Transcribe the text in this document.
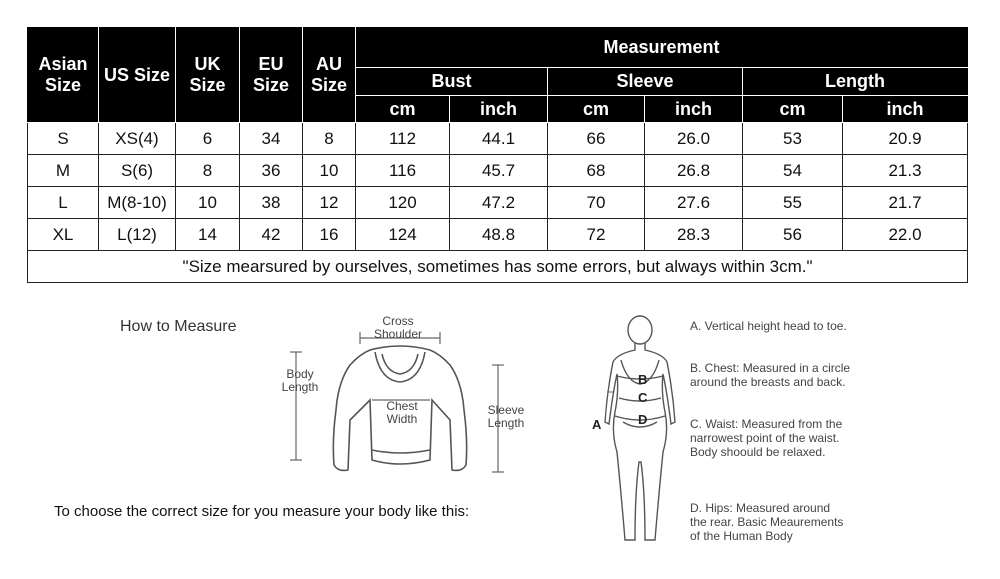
Asian Size	US Size	UK Size	EU Size	AU Size	Measurement					
					Bust		Sleeve		Length	
					cm	inch	cm	inch	cm	inch
S	XS(4)	6	34	8	112	44.1	66	26.0	53	20.9
M	S(6)	8	36	10	116	45.7	68	26.8	54	21.3
L	M(8-10)	10	38	12	120	47.2	70	27.6	55	21.7
XL	L(12)	14	42	16	124	48.8	72	28.3	56	22.0
"Size mearsured by ourselves, sometimes has some errors, but always within 3cm."										
How to Measure	Cross Shoulder
Body Length
Chest Width
Sleeve Length
To choose the correct size for you measure your body like this:
A
B
C
D
A. Vertical height head to toe.
B. Chest: Measured in a circle around the breasts and back.
C. Waist: Measured from the narrowest point of the waist. Body shoould be relaxed.
D. Hips: Measured around the rear. Basic Meaurements of the Human Body
